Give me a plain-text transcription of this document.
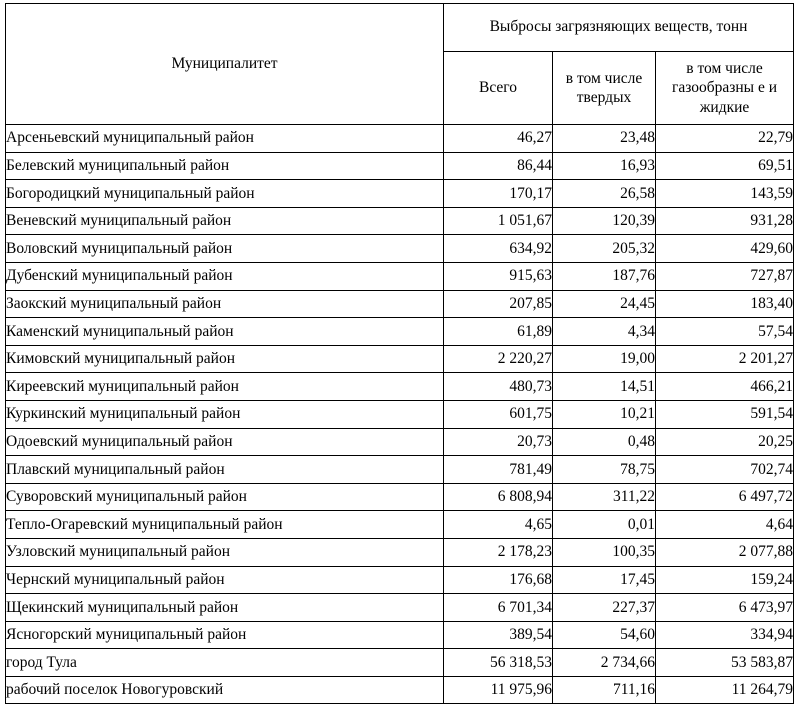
Муниципалитет	Выбросы загрязняющих веществ, тонн		
	Всего	в том числе твердых	в том числе газообразны е и жидкие
Арсеньевский муниципальный район	46,27	23,48	22,79
Белевский муниципальный район	86,44	16,93	69,51
Богородицкий муниципальный район	170,17	26,58	143,59
Веневский муниципальный район	1 051,67	120,39	931,28
Воловский муниципальный район	634,92	205,32	429,60
Дубенский муниципальный район	915,63	187,76	727,87
Заокский муниципальный район	207,85	24,45	183,40
Каменский муниципальный район	61,89	4,34	57,54
Кимовский муниципальный район	2 220,27	19,00	2 201,27
Киреевский муниципальный район	480,73	14,51	466,21
Куркинский муниципальный район	601,75	10,21	591,54
Одоевский муниципальный район	20,73	0,48	20,25
Плавский муниципальный район	781,49	78,75	702,74
Суворовский муниципальный район	6 808,94	311,22	6 497,72
Тепло-Огаревский муниципальный район	4,65	0,01	4,64
Узловский муниципальный район	2 178,23	100,35	2 077,88
Чернский муниципальный район	176,68	17,45	159,24
Щекинский муниципальный район	6 701,34	227,37	6 473,97
Ясногорский муниципальный район	389,54	54,60	334,94
город Тула	56 318,53	2 734,66	53 583,87
рабочий поселок Новогуровский	11 975,96	711,16	11 264,79
